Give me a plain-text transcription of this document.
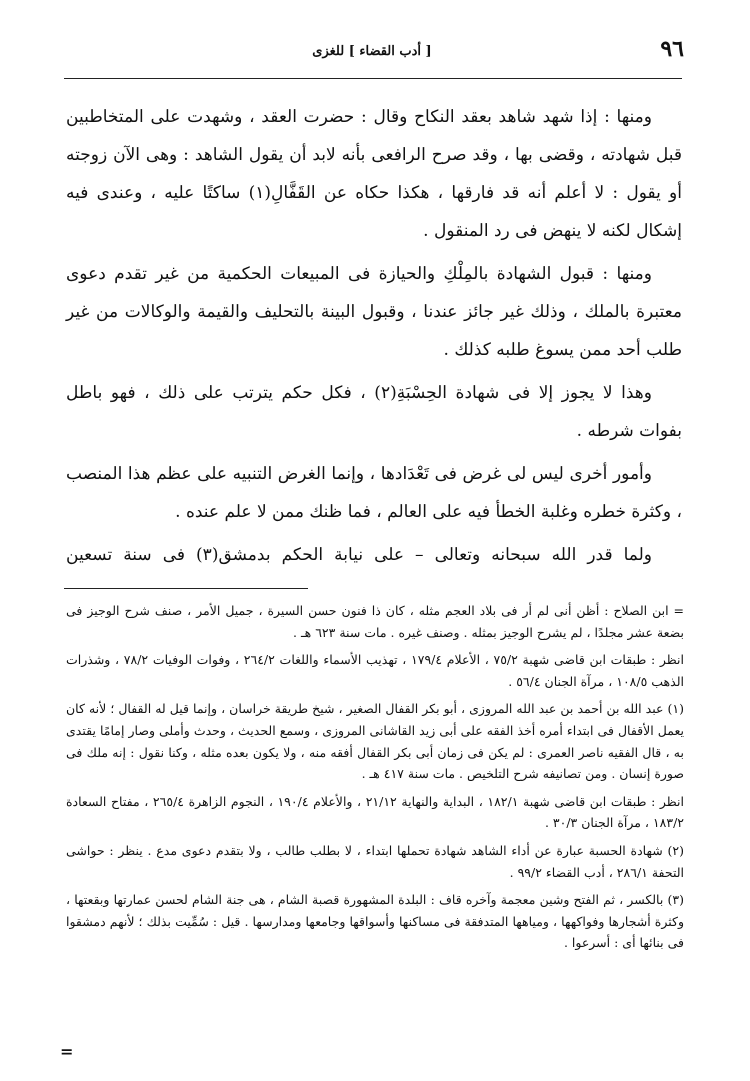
٩٦
[ أدب القضاء ] للغزى

ومنها : إذا شهد شاهد بعقد النكاح وقال : حضرت العقد ، وشهدت على المتخاطبين قبل شهادته ، وقضى بها ، وقد صرح الرافعى بأنه لابد أن يقول الشاهد : وهى الآن زوجته أو يقول : لا أعلم أنه قد فارقها ، هكذا حكاه عن القَفَّالِ(١) ساكتًا عليه ، وعندى فيه إشكال لكنه لا ينهض فى رد المنقول .

ومنها : قبول الشهادة بالمِلْكِ والحيازة فى المبيعات الحكمية من غير تقدم دعوى معتبرة بالملك ، وذلك غير جائز عندنا ، وقبول البينة بالتحليف والقيمة والوكالات من غير طلب أحد ممن يسوغ طلبه كذلك .

وهذا لا يجوز إلا فى شهادة الحِسْبَةِ(٢) ، فكل حكم يترتب على ذلك ، فهو باطل بفوات شرطه .

وأمور أخرى ليس لى غرض فى تَعْدَادها ، وإنما الغرض التنبيه على عظم هذا المنصب ، وكثرة خطره وغلبة الخطأ فيه على العالم ، فما ظنك ممن لا علم عنده .

ولما قدر الله سبحانه وتعالى – على نيابة الحكم بدمشق(٣) فى سنة تسعين

= ابن الصلاح : أظن أنى لم أر فى بلاد العجم مثله ، كان ذا فنون حسن السيرة ، جميل الأمر ، صنف شرح الوجيز فى بضعة عشر مجلدًا ، لم يشرح الوجيز بمثله . وصنف غيره . مات سنة ٦٢٣ هـ .

انظر : طبقات ابن قاضى شهبة ٧٥/٢ ، الأعلام ١٧٩/٤ ، تهذيب الأسماء واللغات ٢٦٤/٢ ، وفوات الوفيات ٧٨/٢ ، وشذرات الذهب ١٠٨/٥ ، مرآة الجنان ٥٦/٤ .

(١) عبد الله بن أحمد بن عبد الله المروزى ، أبو بكر القفال الصغير ، شيخ طريقة خراسان ، وإنما قيل له القفال ؛ لأنه كان يعمل الأقفال فى ابتداء أمره أخذ الفقه على أبى زيد القاشانى المروزى ، وسمع الحديث ، وحدث وأملى وصار إمامًا يقتدى به ، قال الفقيه ناصر العمرى : لم يكن فى زمان أبى بكر القفال أفقه منه ، ولا يكون بعده مثله ، وكنا نقول : إنه ملك فى صورة إنسان . ومن تصانيفه شرح التلخيص . مات سنة ٤١٧ هـ .

انظر : طبقات ابن قاضى شهبة ١٨٢/١ ، البداية والنهاية ٢١/١٢ ، والأعلام ١٩٠/٤ ، النجوم الزاهرة ٢٦٥/٤ ، مفتاح السعادة ١٨٣/٢ ، مرآة الجنان ٣٠/٣ .

(٢) شهادة الحسبة عبارة عن أداء الشاهد شهادة تحملها ابتداء ، لا بطلب طالب ، ولا بتقدم دعوى مدع . ينظر : حواشى التحفة ٢٨٦/١ ، أدب القضاء ٩٩/٢ .

(٣) بالكسر ، ثم الفتح وشين معجمة وآخره قاف : البلدة المشهورة قصبة الشام ، هى جنة الشام لحسن عمارتها وبقعتها ، وكثرة أشجارها وفواكهها ، ومياهها المتدفقة فى مساكنها وأسواقها وجامعها ومدارسها . قيل : سُمِّيت بذلك ؛ لأنهم دمشقوا فى بنائها أى : أسرعوا .

=
